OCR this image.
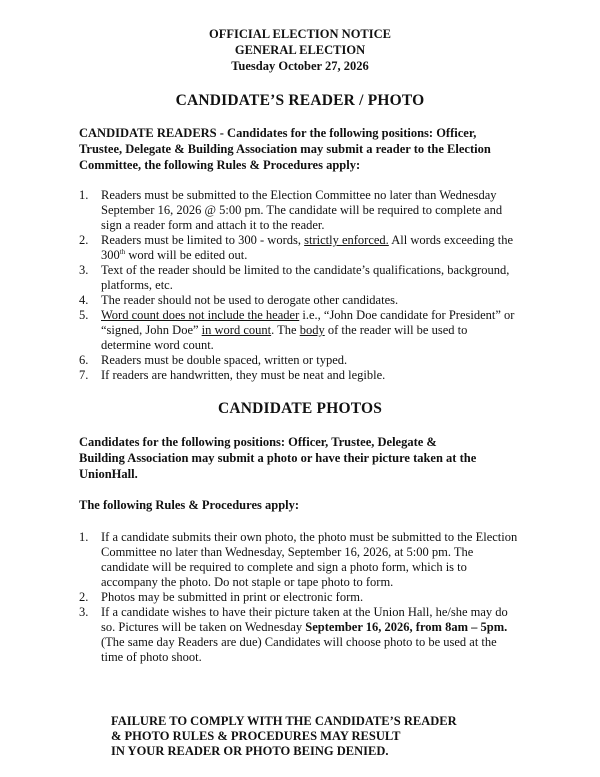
OFFICIAL ELECTION NOTICE
GENERAL ELECTION
Tuesday October 27, 2026
CANDIDATE’S READER / PHOTO
CANDIDATE READERS - Candidates for the following positions: Officer, Trustee, Delegate & Building Association may submit a reader to the Election Committee, the following Rules & Procedures apply:
1. Readers must be submitted to the Election Committee no later than Wednesday September 16, 2026 @ 5:00 pm. The candidate will be required to complete and sign a reader form and attach it to the reader.
2. Readers must be limited to 300 - words, strictly enforced. All words exceeding the 300th word will be edited out.
3. Text of the reader should be limited to the candidate’s qualifications, background, platforms, etc.
4. The reader should not be used to derogate other candidates.
5. Word count does not include the header i.e., “John Doe candidate for President” or “signed, John Doe” in word count. The body of the reader will be used to determine word count.
6. Readers must be double spaced, written or typed.
7. If readers are handwritten, they must be neat and legible.
CANDIDATE PHOTOS
Candidates for the following positions: Officer, Trustee, Delegate & Building Association may submit a photo or have their picture taken at the UnionHall.
The following Rules & Procedures apply:
1. If a candidate submits their own photo, the photo must be submitted to the Election Committee no later than Wednesday, September 16, 2026, at 5:00 pm. The candidate will be required to complete and sign a photo form, which is to accompany the photo. Do not staple or tape photo to form.
2. Photos may be submitted in print or electronic form.
3. If a candidate wishes to have their picture taken at the Union Hall, he/she may do so. Pictures will be taken on Wednesday September 16, 2026, from 8am – 5pm. (The same day Readers are due) Candidates will choose photo to be used at the time of photo shoot.
FAILURE TO COMPLY WITH THE CANDIDATE’S READER
& PHOTO RULES & PROCEDURES MAY RESULT
IN YOUR READER OR PHOTO BEING DENIED.
